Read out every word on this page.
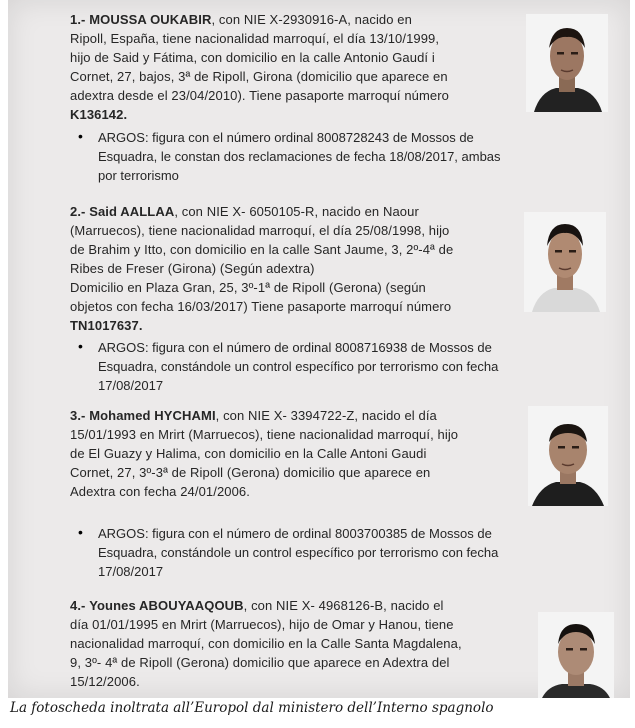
1.- MOUSSA OUKABIR, con NIE X-2930916-A, nacido en

Ripoll, España, tiene nacionalidad marroquí, el día 13/10/1999,

hijo de Said y Fátima, con domicilio en la calle Antonio Gaudí i

Cornet, 27, bajos, 3ª de Ripoll, Girona (domicilio que aparece en

adextra desde el 23/04/2010). Tiene pasaporte marroquí número

K136142.

• ARGOS: figura con el número ordinal 8008728243 de Mossos de

Esquadra, le constan dos reclamaciones de fecha 18/08/2017, ambas

por terrorismo

2.- Said AALLAA, con NIE X- 6050105-R, nacido en Naour

(Marruecos), tiene nacionalidad marroquí, el día 25/08/1998, hijo

de Brahim y Itto, con domicilio en la calle Sant Jaume, 3, 2º-4ª de

Ribes de Freser (Girona) (Según adextra)

Domicilio en Plaza Gran, 25, 3º-1ª de Ripoll (Gerona) (según

objetos con fecha 16/03/2017) Tiene pasaporte marroquí número

TN1017637.

• ARGOS: figura con el número de ordinal 8008716938 de Mossos de

Esquadra, constándole un control específico por terrorismo con fecha

17/08/2017

3.- Mohamed HYCHAMI, con NIE X- 3394722-Z, nacido el día

15/01/1993 en Mrirt (Marruecos), tiene nacionalidad marroquí, hijo

de El Guazy y Halima, con domicilio en la Calle Antoni Gaudi

Cornet, 27, 3º-3ª de Ripoll (Gerona) domicilio que aparece en

Adextra con fecha 24/01/2006.

• ARGOS: figura con el número de ordinal 8003700385 de Mossos de

Esquadra, constándole un control específico por terrorismo con fecha

17/08/2017

4.- Younes ABOUYAAQOUB, con NIE X- 4968126-B, nacido el

día 01/01/1995 en Mrirt (Marruecos), hijo de Omar y Hanou, tiene

nacionalidad marroquí, con domicilio en la Calle Santa Magdalena,

9, 3º- 4ª de Ripoll (Gerona) domicilio que aparece en Adextra del

15/12/2006.

La fotoscheda inoltrata all’Europol dal ministero dell’Interno spagnolo
